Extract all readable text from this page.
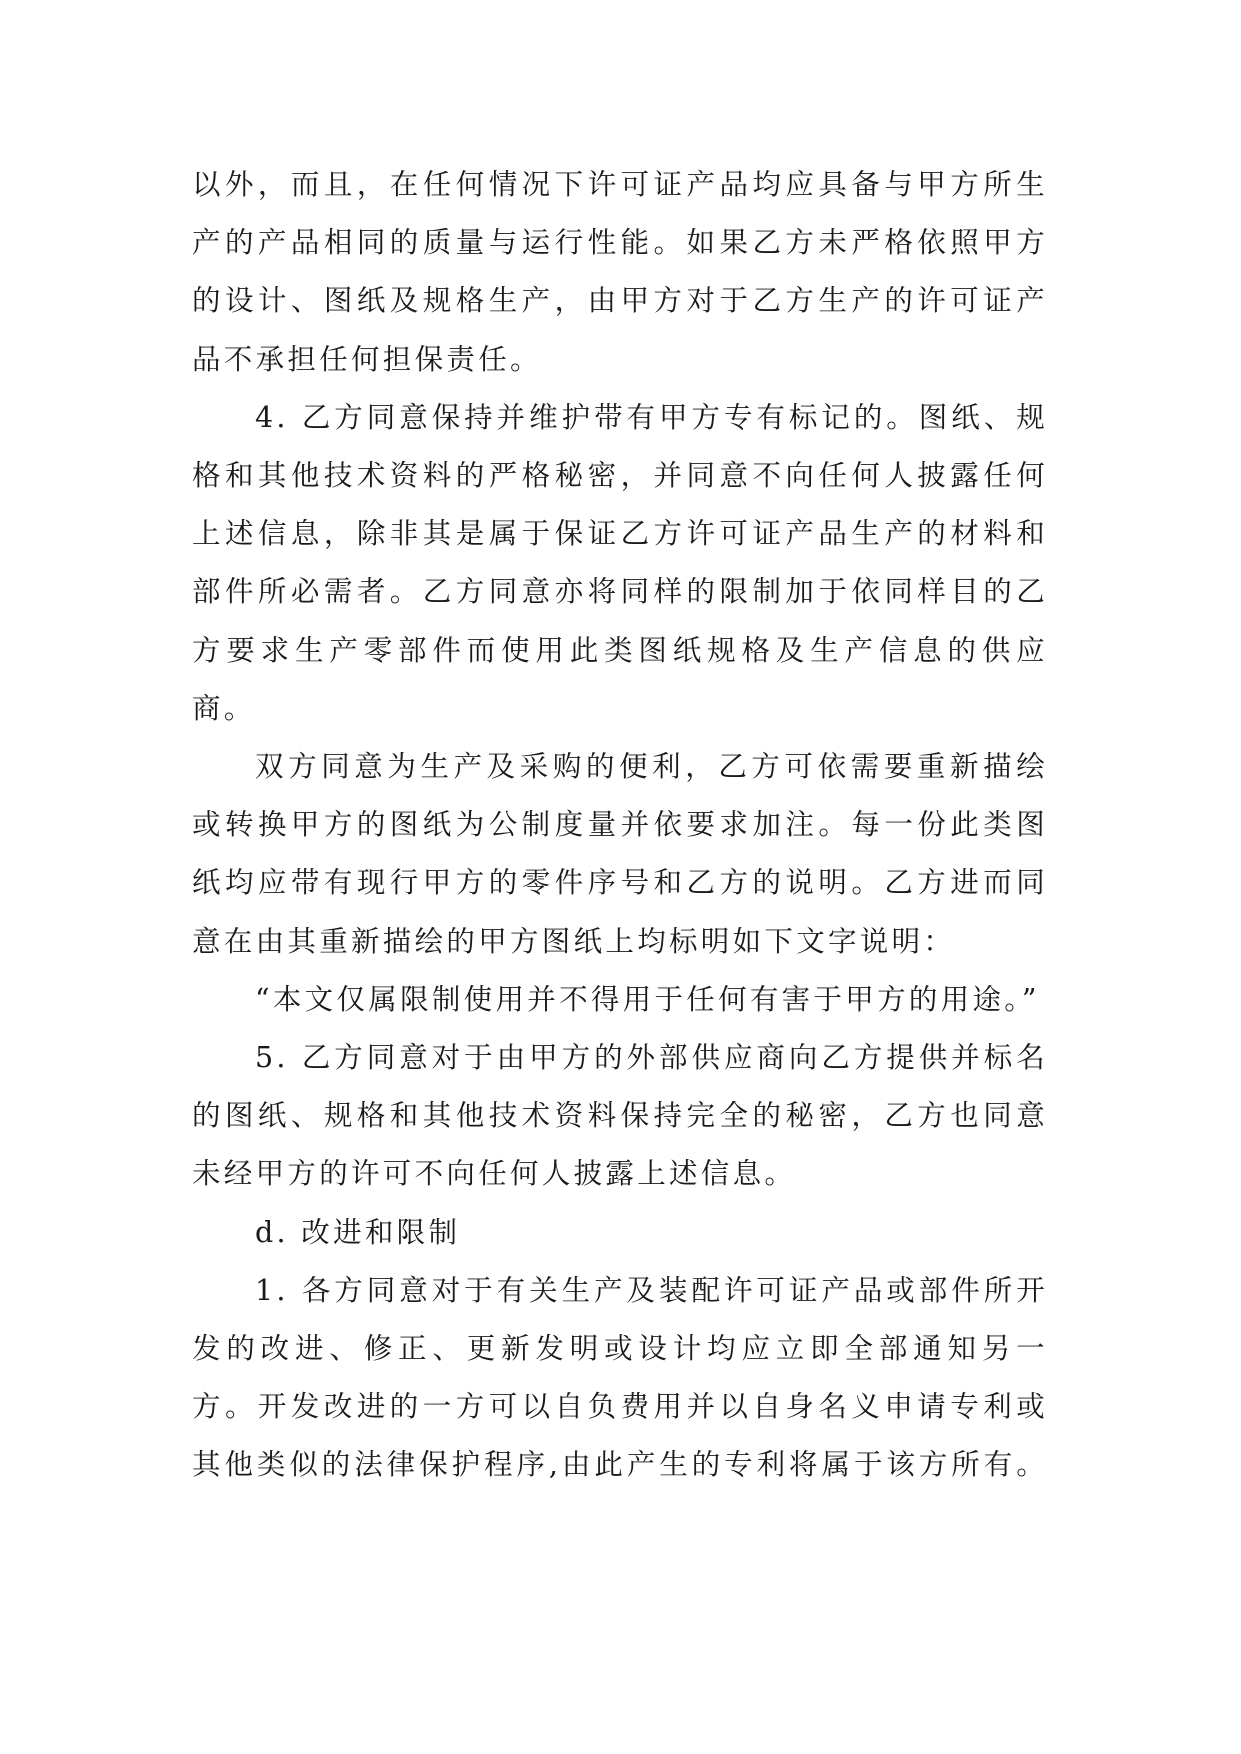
以外，而且，在任何情况下许可证产品均应具备与甲方所生产的产品相同的质量与运行性能。如果乙方未严格依照甲方的设计、图纸及规格生产，由甲方对于乙方生产的许可证产品不承担任何担保责任。

4. 乙方同意保持并维护带有甲方专有标记的。图纸、规格和其他技术资料的严格秘密，并同意不向任何人披露任何上述信息，除非其是属于保证乙方许可证产品生产的材料和部件所必需者。乙方同意亦将同样的限制加于依同样目的乙方要求生产零部件而使用此类图纸规格及生产信息的供应商。

双方同意为生产及采购的便利，乙方可依需要重新描绘或转换甲方的图纸为公制度量并依要求加注。每一份此类图纸均应带有现行甲方的零件序号和乙方的说明。乙方进而同意在由其重新描绘的甲方图纸上均标明如下文字说明：

“本文仅属限制使用并不得用于任何有害于甲方的用途。”

5. 乙方同意对于由甲方的外部供应商向乙方提供并标名的图纸、规格和其他技术资料保持完全的秘密，乙方也同意未经甲方的许可不向任何人披露上述信息。

d. 改进和限制

1. 各方同意对于有关生产及装配许可证产品或部件所开发的改进、修正、更新发明或设计均应立即全部通知另一方。开发改进的一方可以自负费用并以自身名义申请专利或其他类似的法律保护程序,由此产生的专利将属于该方所有。
